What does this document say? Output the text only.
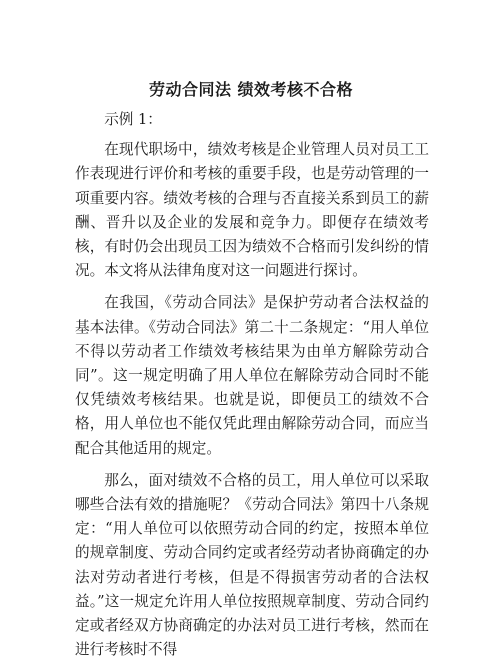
劳动合同法 绩效考核不合格

示例 1：

在现代职场中，绩效考核是企业管理人员对员工工作表现进行评价和考核的重要手段，也是劳动管理的一项重要内容。绩效考核的合理与否直接关系到员工的薪酬、晋升以及企业的发展和竞争力。即便存在绩效考核，有时仍会出现员工因为绩效不合格而引发纠纷的情况。本文将从法律角度对这一问题进行探讨。

在我国，《劳动合同法》是保护劳动者合法权益的基本法律。《劳动合同法》第二十二条规定：“用人单位不得以劳动者工作绩效考核结果为由单方解除劳动合同”。这一规定明确了用人单位在解除劳动合同时不能仅凭绩效考核结果。也就是说，即便员工的绩效不合格，用人单位也不能仅凭此理由解除劳动合同，而应当配合其他适用的规定。

那么，面对绩效不合格的员工，用人单位可以采取哪些合法有效的措施呢？《劳动合同法》第四十八条规定：“用人单位可以依照劳动合同的约定，按照本单位的规章制度、劳动合同约定或者经劳动者协商确定的办法对劳动者进行考核，但是不得损害劳动者的合法权益。”这一规定允许用人单位按照规章制度、劳动合同约定或者经双方协商确定的办法对员工进行考核，然而在进行考核时不得
